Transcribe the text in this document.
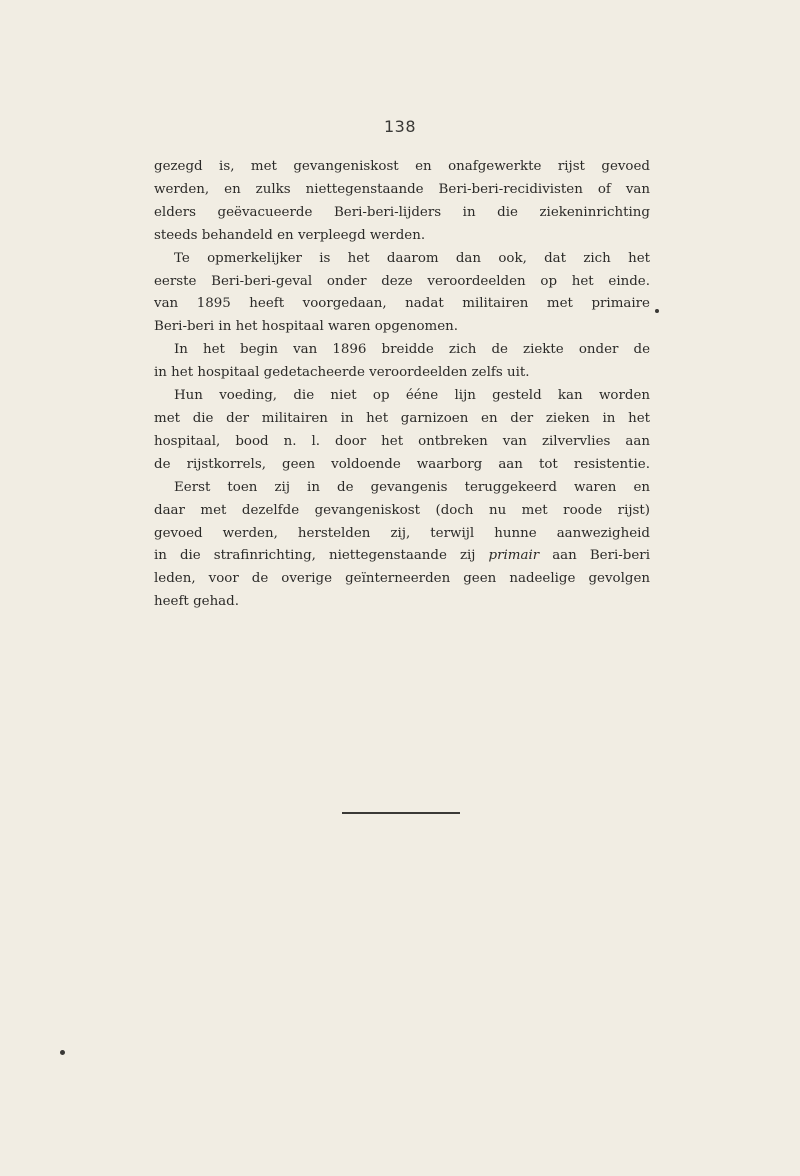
138
gezegd is, met gevangeniskost en onafgewerkte rijst gevoed
werden, en zulks niettegenstaande Beri-beri-recidivisten of van
elders geëvacueerde Beri-beri-lijders in die ziekeninrichting
steeds behandeld en verpleegd werden.
Te opmerkelijker is het daarom dan ook, dat zich het
eerste Beri-beri-geval onder deze veroordeelden op het einde.
van 1895 heeft voorgedaan, nadat militairen met primaire
Beri-beri in het hospitaal waren opgenomen.
In het begin van 1896 breidde zich de ziekte onder de
in het hospitaal gedetacheerde veroordeelden zelfs uit.
Hun voeding, die niet op ééne lijn gesteld kan worden
met die der militairen in het garnizoen en der zieken in het
hospitaal, bood n. l. door het ontbreken van zilvervlies aan
de rijstkorrels, geen voldoende waarborg aan tot resistentie.
Eerst toen zij in de gevangenis teruggekeerd waren en
daar met dezelfde gevangeniskost (doch nu met roode rijst)
gevoed werden, herstelden zij, terwijl hunne aanwezigheid
in die strafinrichting, niettegenstaande zij primair aan Beri-beri
leden, voor de overige geïnterneerden geen nadeelige gevolgen
heeft gehad.
